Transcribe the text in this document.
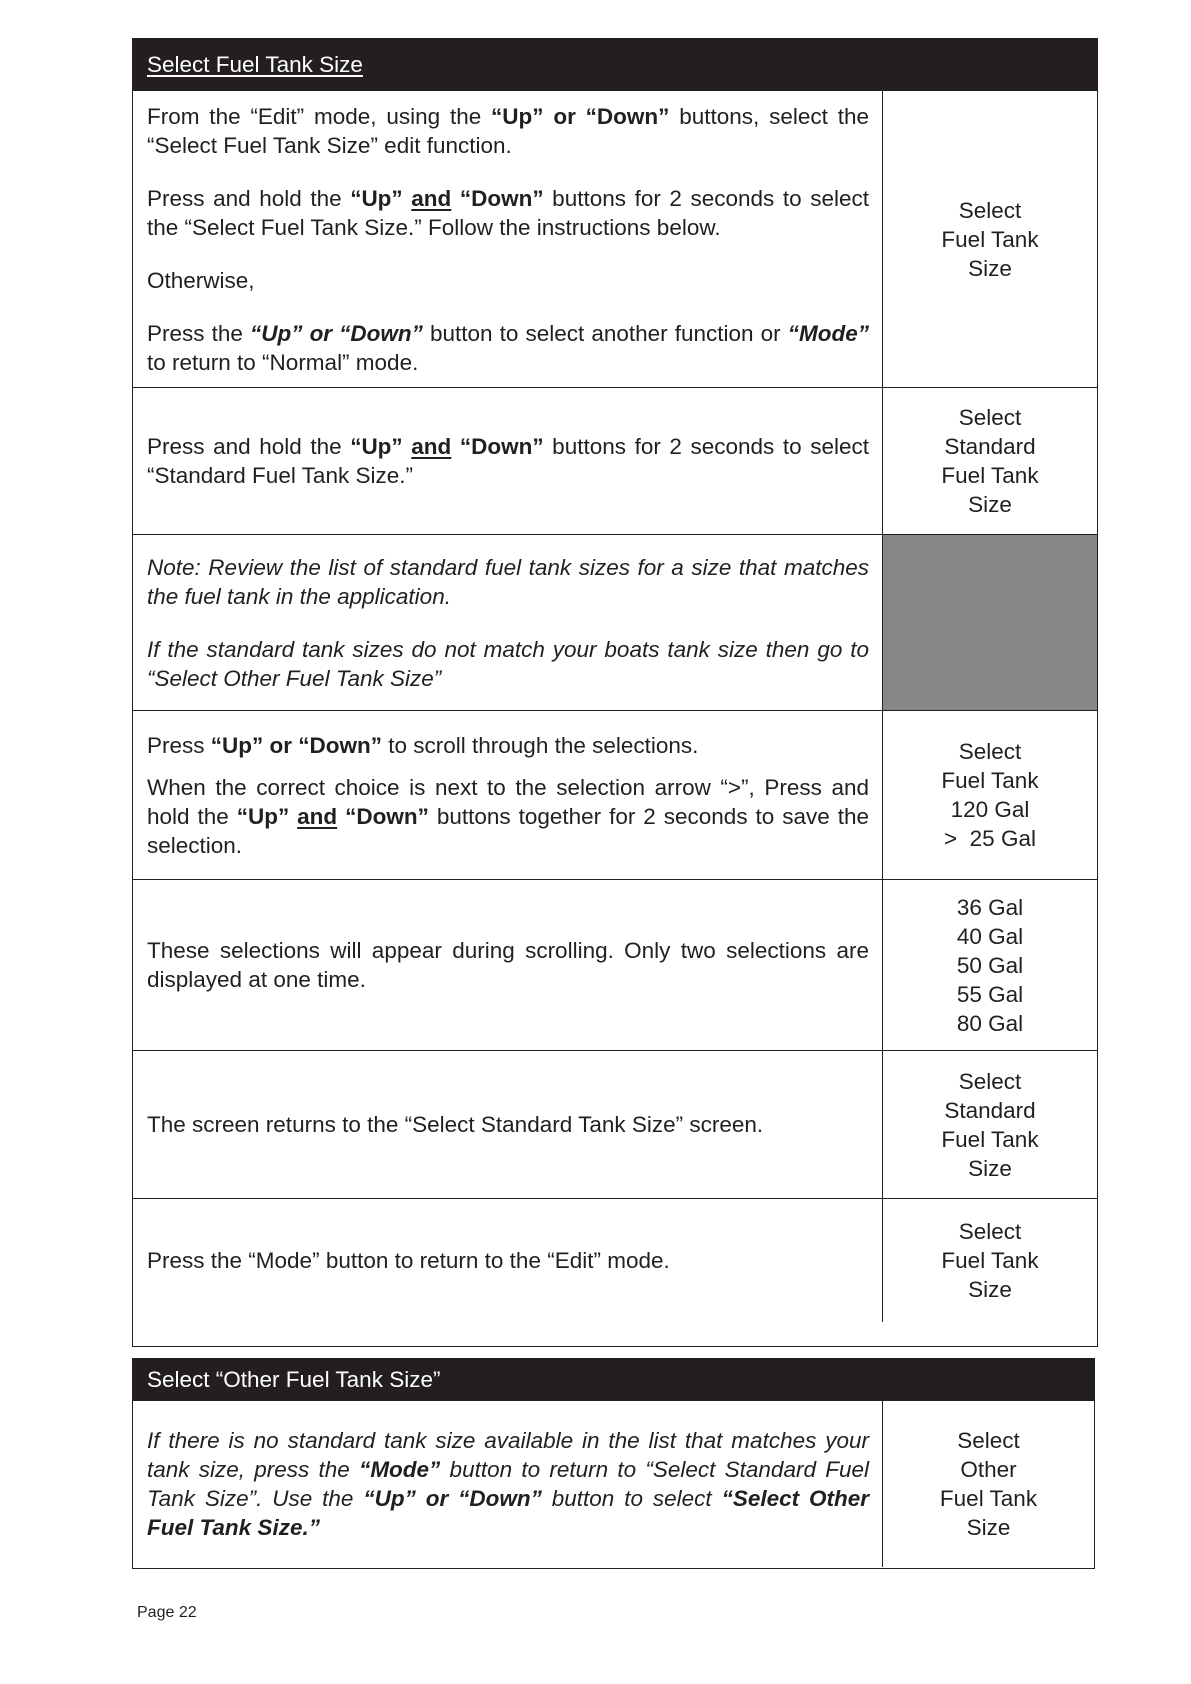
Select Fuel Tank Size

From the “Edit” mode, using the “Up” or “Down” buttons, select the “Select Fuel Tank Size” edit function.

Press and hold the “Up” and “Down” buttons for 2 seconds to select the “Select Fuel Tank Size.” Follow the instructions below.

Otherwise,

Press the “Up” or “Down” button to select another function or “Mode” to return to “Normal” mode.

Select
Fuel Tank
Size

Press and hold the “Up” and “Down” buttons for 2 seconds to select “Standard Fuel Tank Size.”

Select
Standard
Fuel Tank
Size

Note: Review the list of standard fuel tank sizes for a size that matches the fuel tank in the application.

If the standard tank sizes do not match your boats tank size then go to “Select Other Fuel Tank Size”

Press “Up” or “Down” to scroll through the selections.

When the correct choice is next to the selection arrow “>”, Press and hold the “Up” and “Down” buttons together for 2 seconds to save the selection.

Select
Fuel Tank
120 Gal
>  25 Gal

These selections will appear during scrolling. Only two selections are displayed at one time.

36 Gal
40 Gal
50 Gal
55 Gal
80 Gal

The screen returns to the “Select Standard Tank Size” screen.

Select
Standard
Fuel Tank
Size

Press the “Mode” button to return to the “Edit” mode.

Select
Fuel Tank
Size
Select “Other Fuel Tank Size”

If there is no standard tank size available in the list that matches your tank size, press the “Mode” button to return to “Select Standard Fuel Tank Size”. Use the “Up” or “Down” button to select “Select Other Fuel Tank Size.”

Select
Other
Fuel Tank
Size
Page 22
